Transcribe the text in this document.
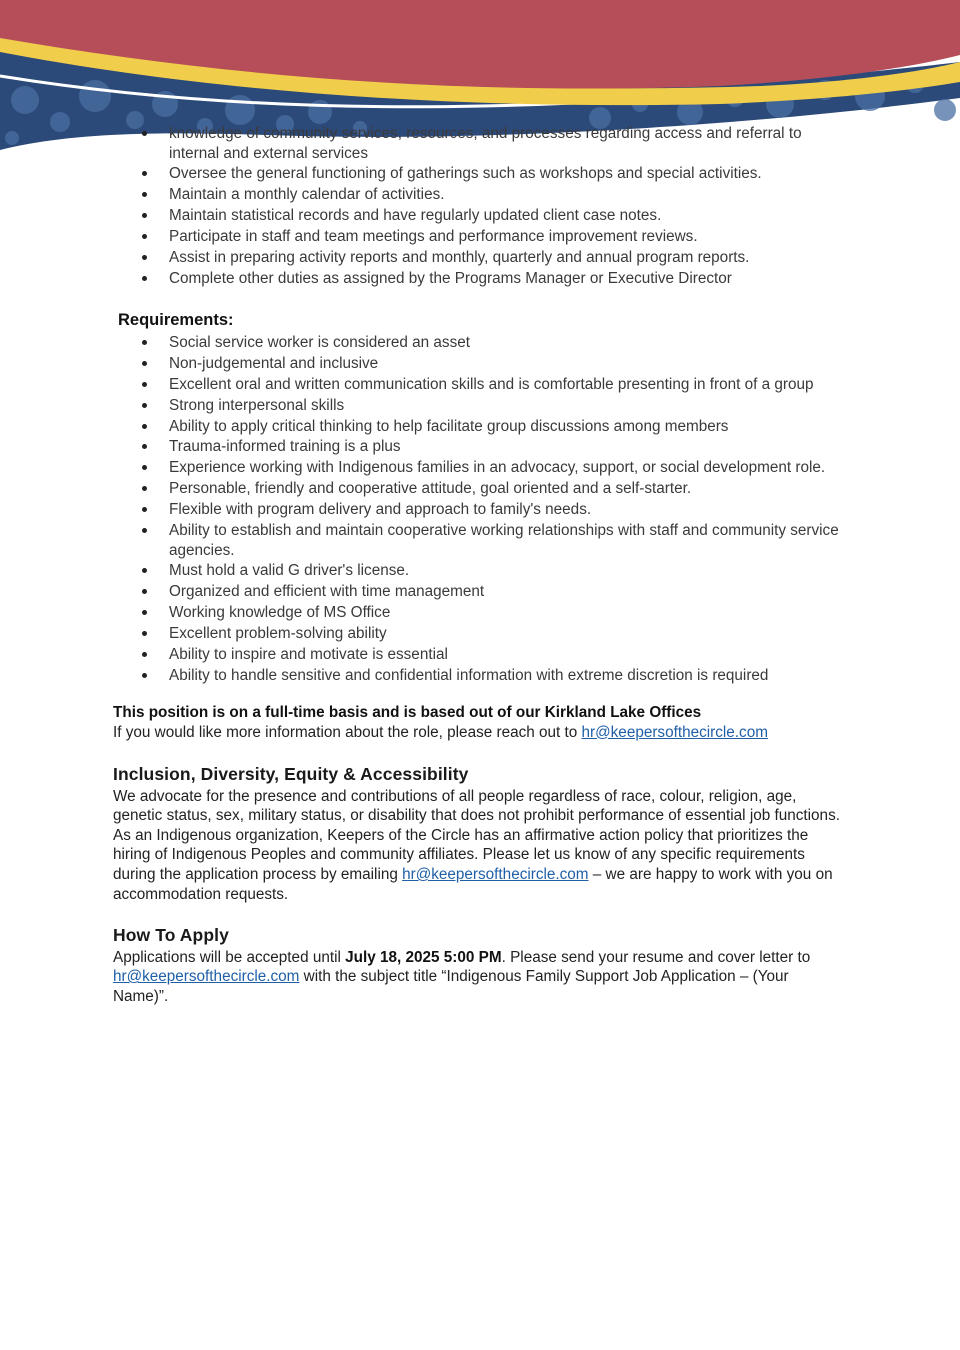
knowledge of community services, resources, and processes regarding access and referral to internal and external services
Oversee the general functioning of gatherings such as workshops and special activities.
Maintain a monthly calendar of activities.
Maintain statistical records and have regularly updated client case notes.
Participate in staff and team meetings and performance improvement reviews.
Assist in preparing activity reports and monthly, quarterly and annual program reports.
Complete other duties as assigned by the Programs Manager or Executive Director
Requirements:
Social service worker is considered an asset
Non-judgemental and inclusive
Excellent oral and written communication skills and is comfortable presenting in front of a group
Strong interpersonal skills
Ability to apply critical thinking to help facilitate group discussions among members
Trauma-informed training is a plus
Experience working with Indigenous families in an advocacy, support, or social development role.
Personable, friendly and cooperative attitude, goal oriented and a self-starter.
Flexible with program delivery and approach to family's needs.
Ability to establish and maintain cooperative working relationships with staff and community service agencies.
Must hold a valid G driver's license.
Organized and efficient with time management
Working knowledge of MS Office
Excellent problem-solving ability
Ability to inspire and motivate is essential
Ability to handle sensitive and confidential information with extreme discretion is required
This position is on a full-time basis and is based out of our Kirkland Lake Offices
If you would like more information about the role, please reach out to hr@keepersofthecircle.com
Inclusion, Diversity, Equity & Accessibility
We advocate for the presence and contributions of all people regardless of race, colour, religion, age, genetic status, sex, military status, or disability that does not prohibit performance of essential job functions. As an Indigenous organization, Keepers of the Circle has an affirmative action policy that prioritizes the hiring of Indigenous Peoples and community affiliates. Please let us know of any specific requirements during the application process by emailing hr@keepersofthecircle.com – we are happy to work with you on accommodation requests.
How To Apply
Applications will be accepted until July 18, 2025 5:00 PM. Please send your resume and cover letter to hr@keepersofthecircle.com with the subject title “Indigenous Family Support Job Application – (Your Name)”.
